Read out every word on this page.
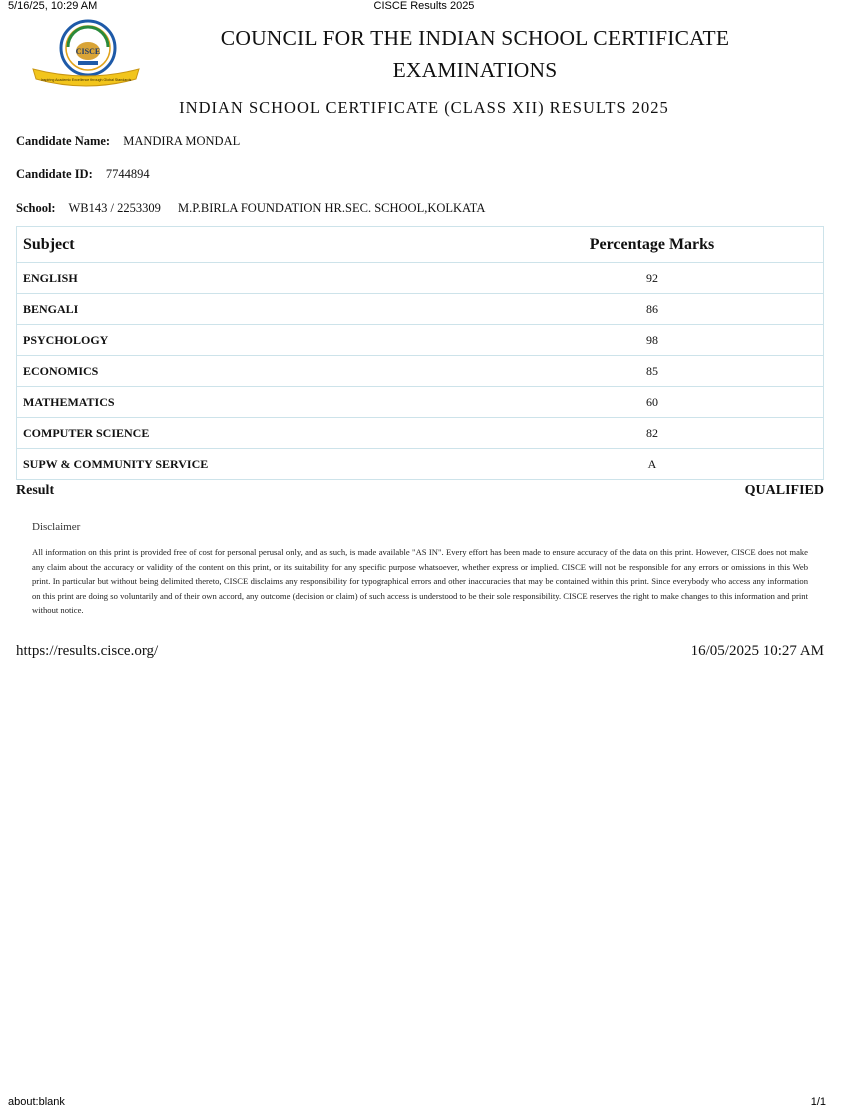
5/16/25, 10:29 AM	CISCE Results 2025
CISCE
Inspiring Academic Excellence through Global Standards
COUNCIL FOR THE INDIAN SCHOOL CERTIFICATE
EXAMINATIONS
INDIAN SCHOOL CERTIFICATE (CLASS XII) RESULTS 2025
Candidate Name: MANDIRA MONDAL
Candidate ID: 7744894
School: WB143 / 2253309 M.P.BIRLA FOUNDATION HR.SEC. SCHOOL,KOLKATA
Subject	Percentage Marks
ENGLISH	92
BENGALI	86
PSYCHOLOGY	98
ECONOMICS	85
MATHEMATICS	60
COMPUTER SCIENCE	82
SUPW & COMMUNITY SERVICE	A
Result	QUALIFIED
Disclaimer
All information on this print is provided free of cost for personal perusal only, and as such, is made available "AS IN". Every effort has been made to ensure accuracy of the data on this print. However, CISCE does not make any claim about the accuracy or validity of the content on this print, or its suitability for any specific purpose whatsoever, whether express or implied. CISCE will not be responsible for any errors or omissions in this Web print. In particular but without being delimited thereto, CISCE disclaims any responsibility for typographical errors and other inaccuracies that may be contained within this print. Since everybody who access any information on this print are doing so voluntarily and of their own accord, any outcome (decision or claim) of such access is understood to be their sole responsibility. CISCE reserves the right to make changes to this information and print without notice.
https://results.cisce.org/	16/05/2025 10:27 AM
about:blank	1/1
